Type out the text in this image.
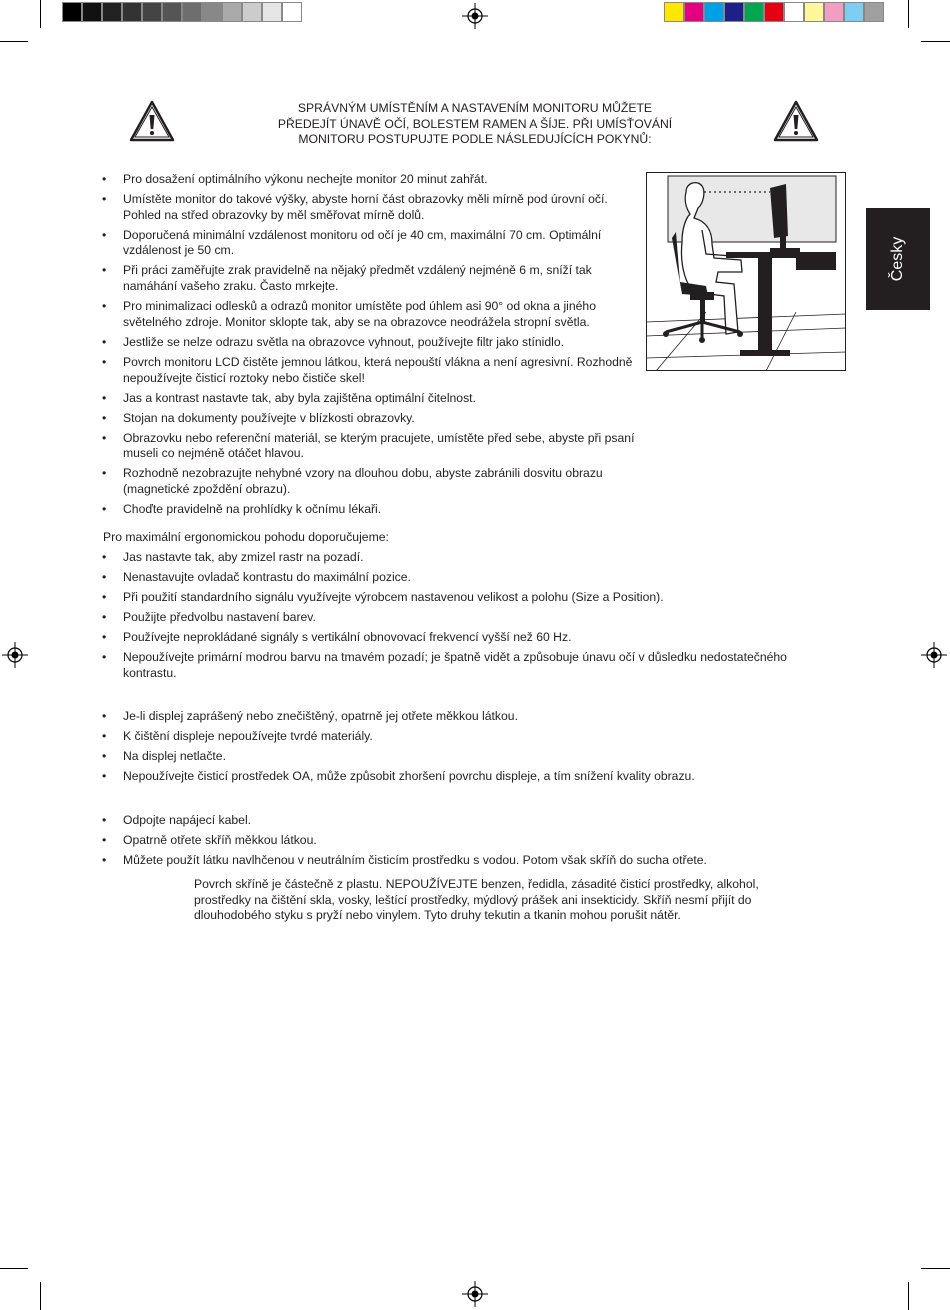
SPRÁVNÝM UMÍSTĚNÍM A NASTAVENÍM MONITORU MŮŽETE
PŘEDEJÍT ÚNAVĚ OČÍ, BOLESTEM RAMEN A ŠÍJE. PŘI UMÍSŤOVÁNÍ
MONITORU POSTUPUJTE PODLE NÁSLEDUJÍCÍCH POKYNŮ:
Česky
• Pro dosažení optimálního výkonu nechejte monitor 20 minut zahřát.
• Umístěte monitor do takové výšky, abyste horní část obrazovky měli mírně pod úrovní očí. Pohled na střed obrazovky by měl směřovat mírně dolů.
• Doporučená minimální vzdálenost monitoru od očí je 40 cm, maximální 70 cm. Optimální vzdálenost je 50 cm.
• Při práci zaměřujte zrak pravidelně na nějaký předmět vzdálený nejméně 6 m, sníží tak namáhání vašeho zraku. Často mrkejte.
• Pro minimalizaci odlesků a odrazů monitor umístěte pod úhlem asi 90° od okna a jiného světelného zdroje. Monitor sklopte tak, aby se na obrazovce neodrážela stropní světla.
• Jestliže se nelze odrazu světla na obrazovce vyhnout, používejte filtr jako stínidlo.
• Povrch monitoru LCD čistěte jemnou látkou, která nepouští vlákna a není agresivní. Rozhodně nepoužívejte čisticí roztoky nebo čističe skel!
• Jas a kontrast nastavte tak, aby byla zajištěna optimální čitelnost.
• Stojan na dokumenty používejte v blízkosti obrazovky.
• Obrazovku nebo referenční materiál, se kterým pracujete, umístěte před sebe, abyste při psaní museli co nejméně otáčet hlavou.
• Rozhodně nezobrazujte nehybné vzory na dlouhou dobu, abyste zabránili dosvitu obrazu (magnetické zpoždění obrazu).
• Choďte pravidelně na prohlídky k očnímu lékaři.
Pro maximální ergonomickou pohodu doporučujeme:
• Jas nastavte tak, aby zmizel rastr na pozadí.
• Nenastavujte ovladač kontrastu do maximální pozice.
• Při použití standardního signálu využívejte výrobcem nastavenou velikost a polohu (Size a Position).
• Použijte předvolbu nastavení barev.
• Používejte neprokládané signály s vertikální obnovovací frekvencí vyšší než 60 Hz.
• Nepoužívejte primární modrou barvu na tmavém pozadí; je špatně vidět a způsobuje únavu očí v důsledku nedostatečného kontrastu.
• Je-li displej zaprášený nebo znečištěný, opatrně jej otřete měkkou látkou.
• K čištění displeje nepoužívejte tvrdé materiály.
• Na displej netlačte.
• Nepoužívejte čisticí prostředek OA, může způsobit zhoršení povrchu displeje, a tím snížení kvality obrazu.
• Odpojte napájecí kabel.
• Opatrně otřete skříň měkkou látkou.
• Můžete použít látku navlhčenou v neutrálním čisticím prostředku s vodou. Potom však skříň do sucha otřete.
Povrch skříně je částečně z plastu. NEPOUŽÍVEJTE benzen, ředidla, zásadité čisticí prostředky, alkohol,
prostředky na čištění skla, vosky, leštící prostředky, mýdlový prášek ani insekticidy. Skříň nesmí přijít do
dlouhodobého styku s pryží nebo vinylem. Tyto druhy tekutin a tkanin mohou porušit nátěr.
